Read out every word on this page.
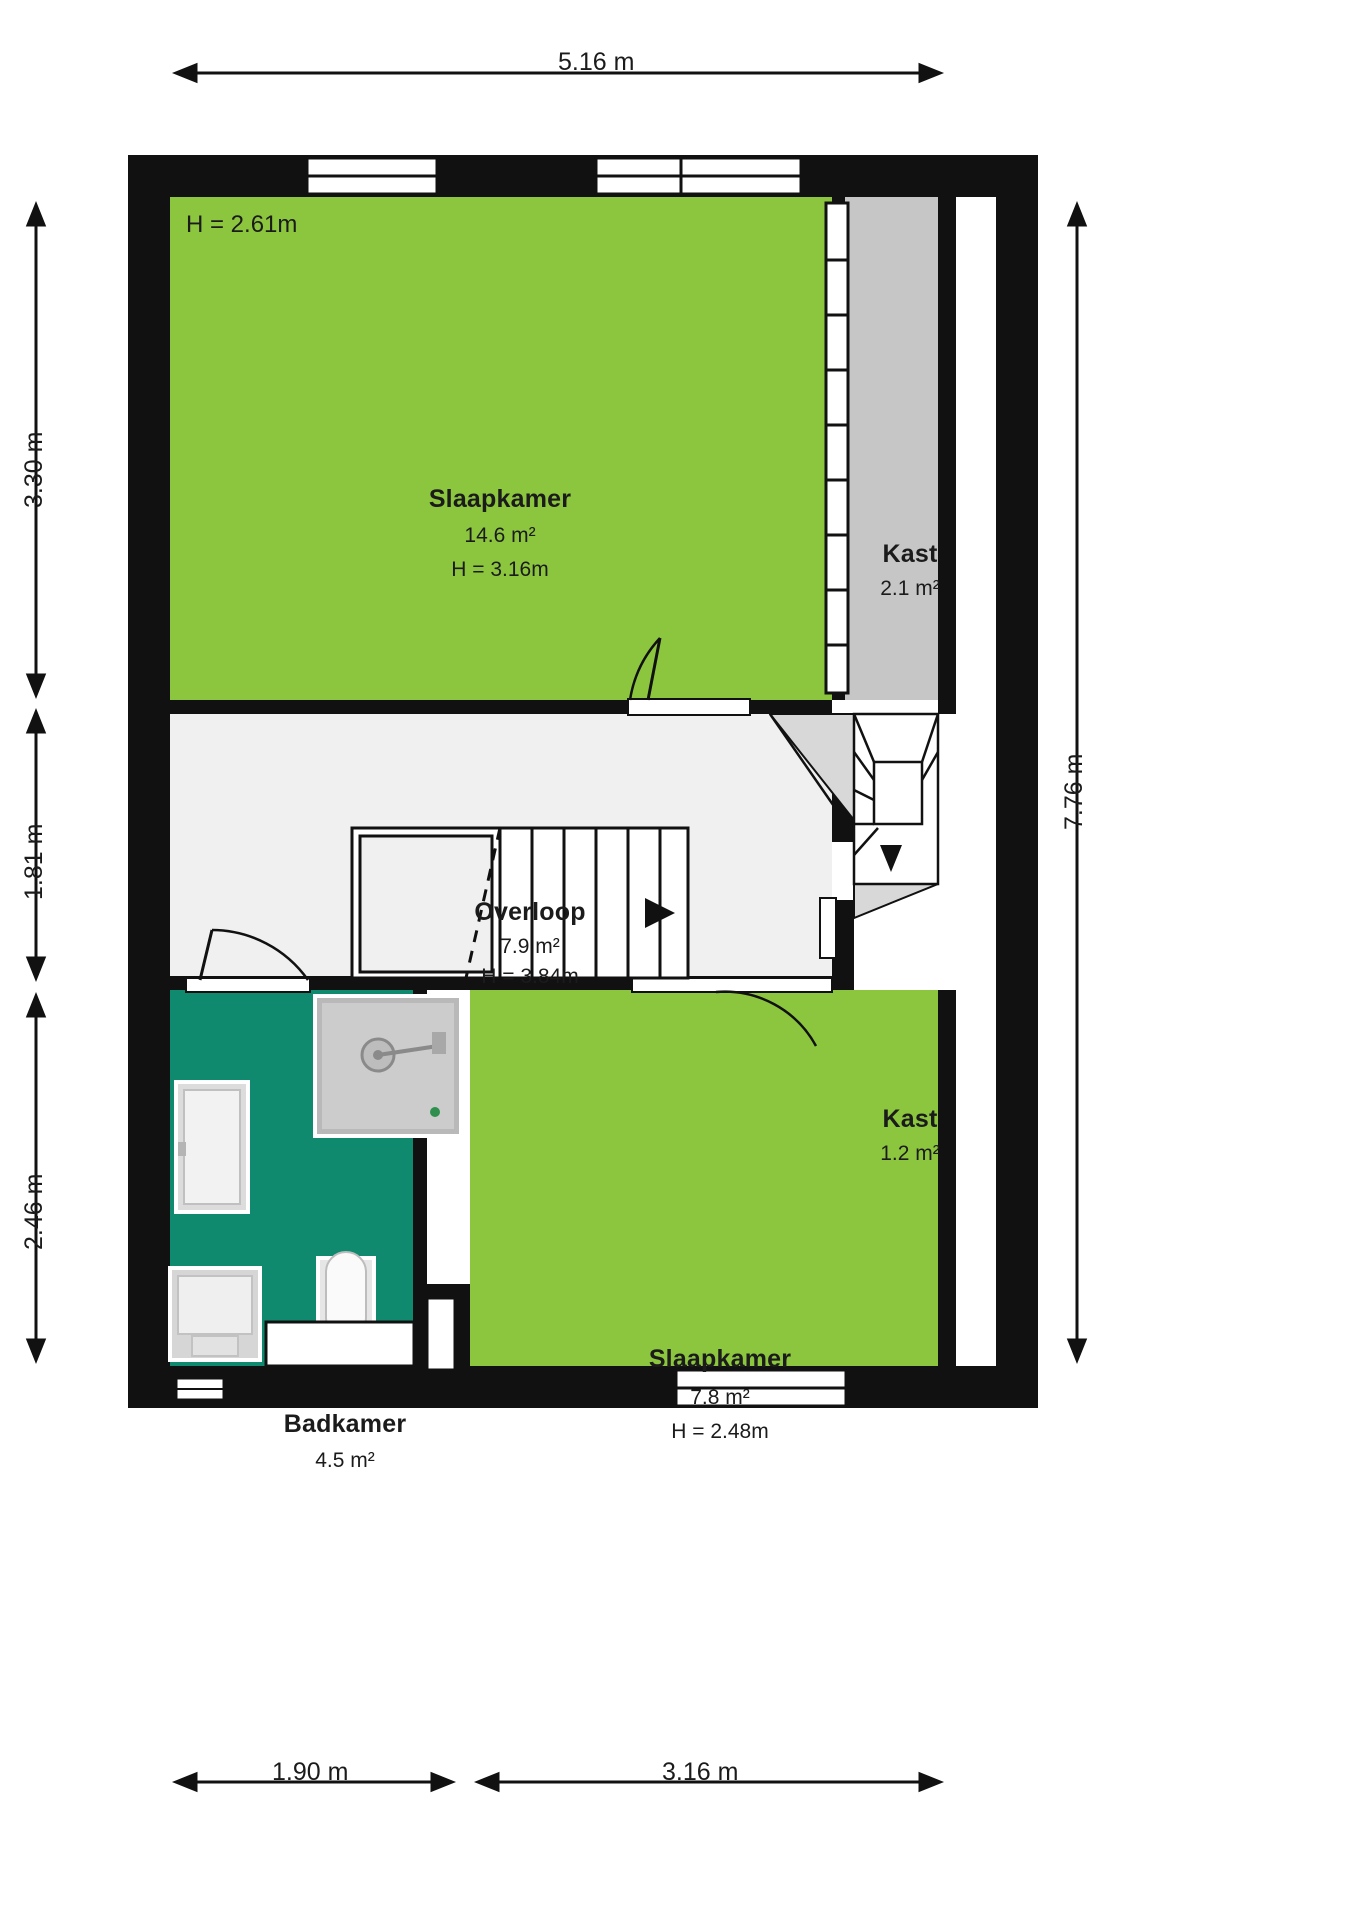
5.16 m
1.90 m	3.16 m
7.76 m
3.30 m
1.81 m
2.46 m
H = 2.61m
Slaapkamer
14.6 m²
H = 3.16m
Kast
2.1 m²
Overloop
7.9 m²
H = 3.84m
Kast
1.2 m²
Badkamer
4.5 m²
Slaapkamer
7.8 m²
H = 2.48m
